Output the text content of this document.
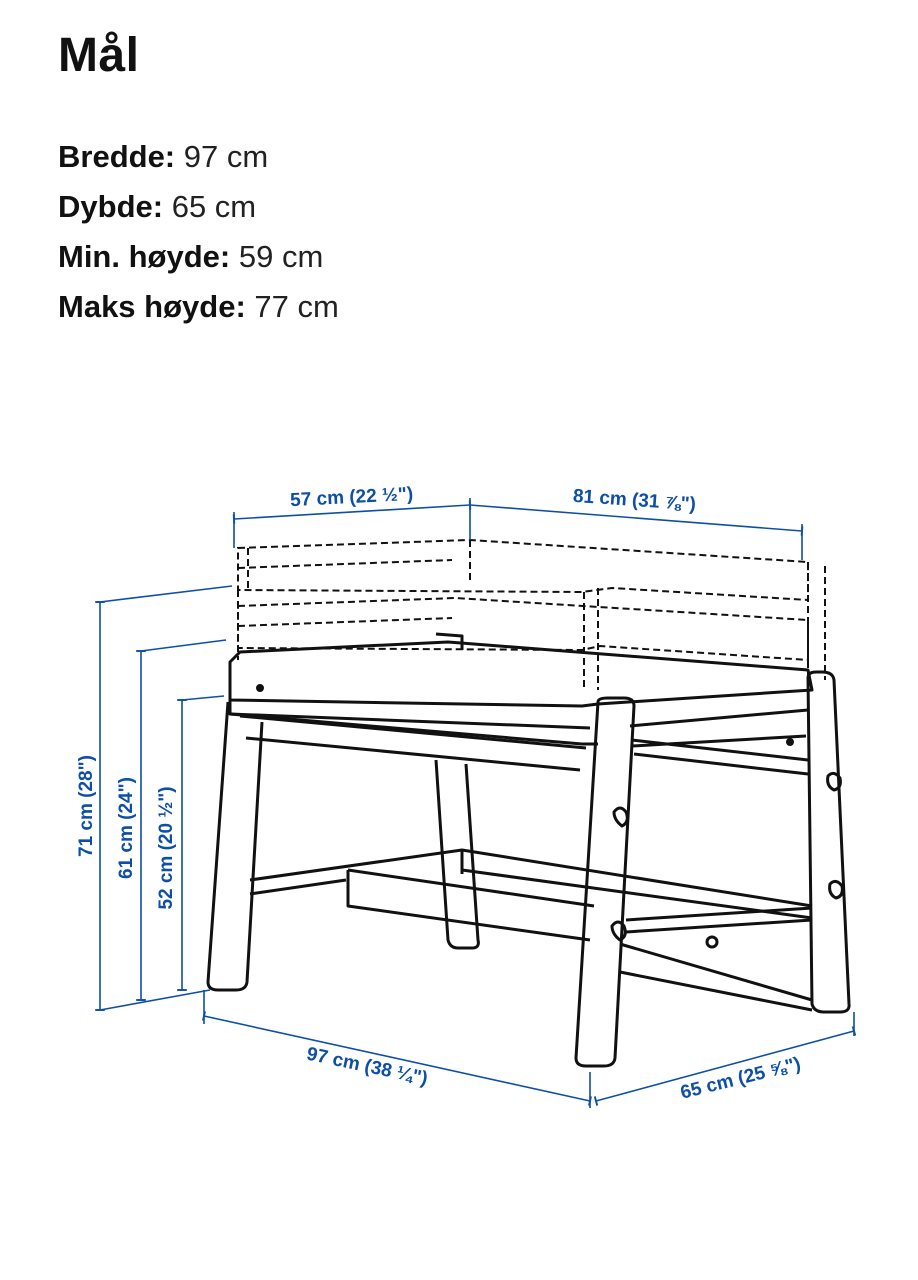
Mål
Bredde: 97 cm
Dybde: 65 cm
Min. høyde: 59 cm
Maks høyde: 77 cm
57 cm (22 ½")	81 cm (31 ⅞")
71 cm (28") 61 cm (24") 52 cm (20 ½")
97 cm (38 ¼")	65 cm (25 ⅝")
